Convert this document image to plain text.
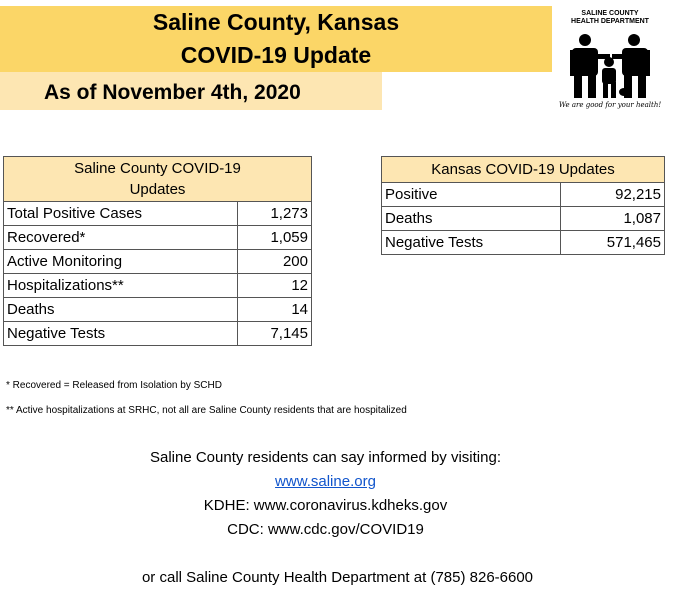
Saline County, Kansas
COVID-19 Update
As of November 4th, 2020
SALINE COUNTY
HEALTH DEPARTMENT
We are good for your health!
Saline County COVID-19
Updates	

Total Positive Cases	1,273
Recovered*	1,059
Active Monitoring	200
Hospitalizations**	12
Deaths	14
Negative Tests	7,145
Kansas COVID-19 Updates	
Positive	92,215
Deaths	1,087
Negative Tests	571,465
* Recovered = Released from Isolation by SCHD
** Active hospitalizations at SRHC, not all are Saline County residents that are hospitalized
Saline County residents can say informed by visiting:
www.saline.org
KDHE: www.coronavirus.kdheks.gov
CDC: www.cdc.gov/COVID19
or call Saline County Health Department at (785) 826-6600
